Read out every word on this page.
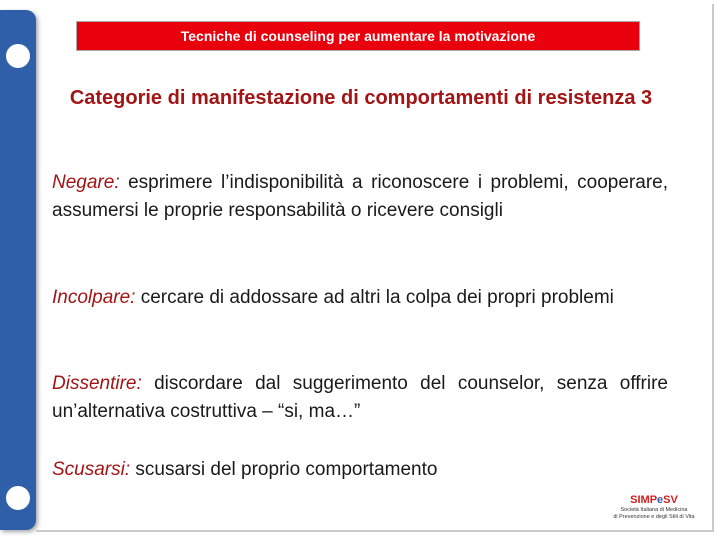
Tecniche di counseling per aumentare la motivazione
Categorie di manifestazione di comportamenti di resistenza 3
Negare: esprimere l’indisponibilità a riconoscere i problemi, cooperare, assumersi le proprie responsabilità o ricevere consigli
Incolpare: cercare di addossare ad altri la colpa dei propri problemi
Dissentire: discordare dal suggerimento del counselor, senza offrire un’alternativa costruttiva – “si, ma…”
Scusarsi: scusarsi del proprio comportamento
SIMPeSV
Società Italiana di Medicina
di Prevenzione e degli Stili di Vita
